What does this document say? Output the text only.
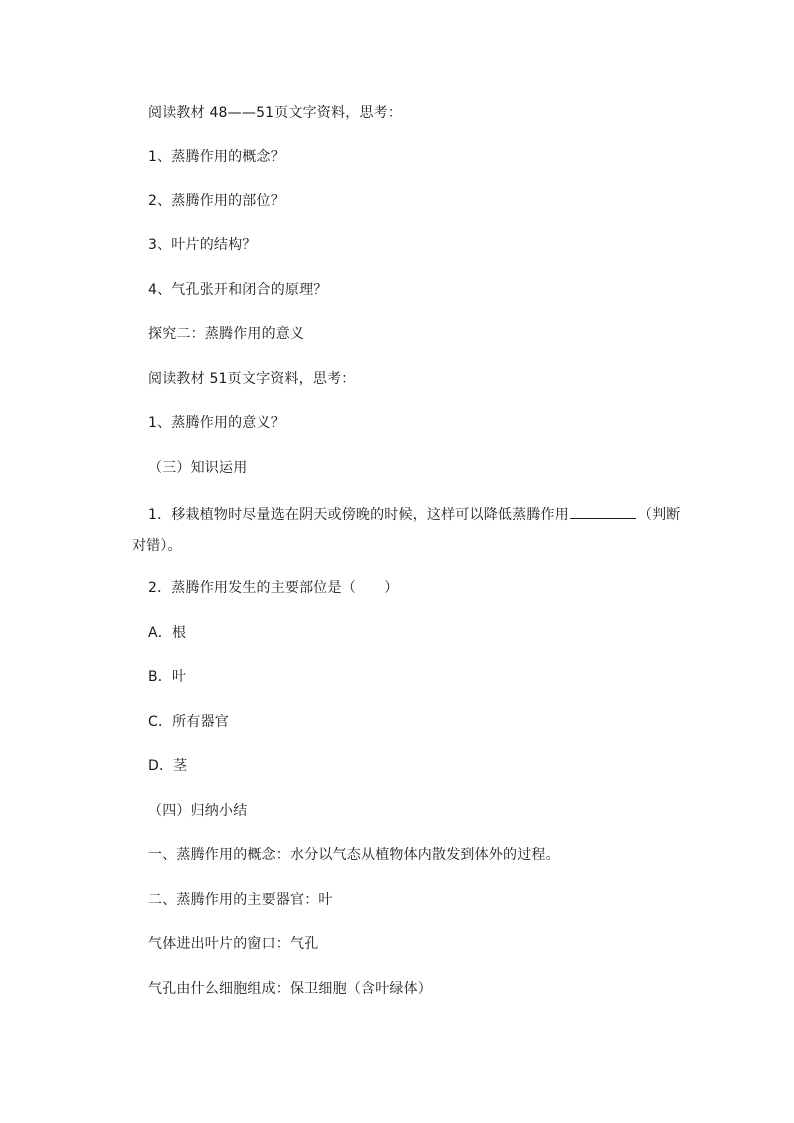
阅读教材 48——51页文字资料，思考：
1、蒸腾作用的概念？
2、蒸腾作用的部位？
3、叶片的结构？
4、气孔张开和闭合的原理？
探究二：蒸腾作用的意义
阅读教材 51页文字资料，思考：
1、蒸腾作用的意义？
（三）知识运用
1．移栽植物时尽量选在阴天或傍晚的时候，这样可以降低蒸腾作用	（判断
对错）。
2．蒸腾作用发生的主要部位是（　　）
A．根
B．叶
C．所有器官
D．茎
（四）归纳小结
一、蒸腾作用的概念：水分以气态从植物体内散发到体外的过程。
二、蒸腾作用的主要器官：叶
气体进出叶片的窗口：气孔
气孔由什么细胞组成：保卫细胞（含叶绿体）
